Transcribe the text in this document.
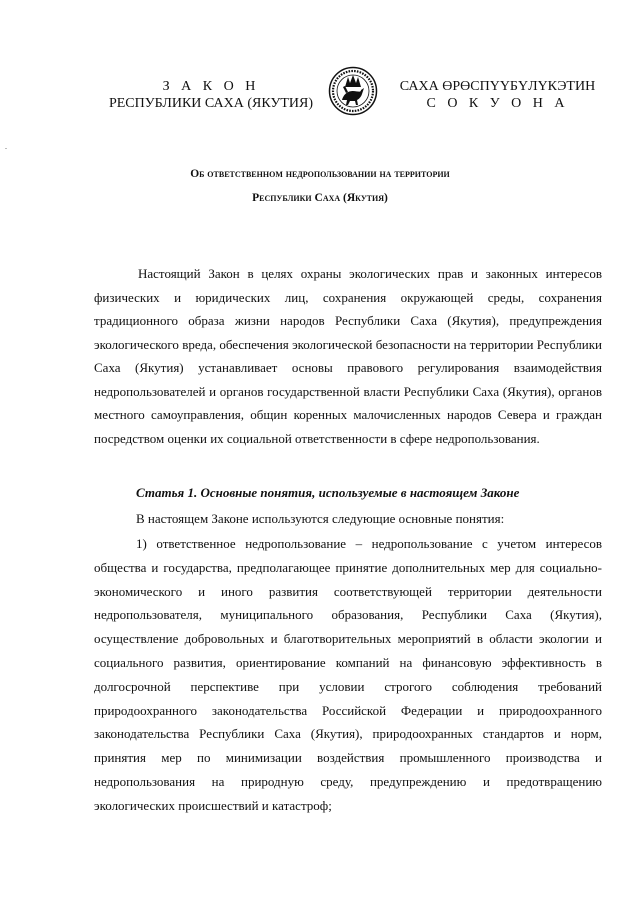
З А К О Н
РЕСПУБЛИКИ САХА (ЯКУТИЯ)
САХА ӨРӨСПҮҮБҮЛҮКЭТИН
С О К У О Н А
Об ответственном недропользовании на территории
Республики Саха (Якутия)
Настоящий Закон в целях охраны экологических прав и законных интересов физических и юридических лиц, сохранения окружающей среды, сохранения традиционного образа жизни народов Республики Саха (Якутия), предупреждения экологического вреда, обеспечения экологической безопасности на территории Республики Саха (Якутия) устанавливает основы правового регулирования взаимодействия недропользователей и органов государственной власти Республики Саха (Якутия), органов местного самоуправления, общин коренных малочисленных народов Севера и граждан посредством оценки их социальной ответственности в сфере недропользования.
Статья 1. Основные понятия, используемые в настоящем Законе
В настоящем Законе используются следующие основные понятия:
1) ответственное недропользование – недропользование с учетом интересов общества и государства, предполагающее принятие дополнительных мер для социально-экономического и иного развития соответствующей территории деятельности недропользователя, муниципального образования, Республики Саха (Якутия), осуществление добровольных и благотворительных мероприятий в области экологии и социального развития, ориентирование компаний на финансовую эффективность в долгосрочной перспективе при условии строгого соблюдения требований природоохранного законодательства Российской Федерации и природоохранного законодательства Республики Саха (Якутия), природоохранных стандартов и норм, принятия мер по минимизации воздействия промышленного производства и недропользования на природную среду, предупреждению и предотвращению экологических происшествий и катастроф;
